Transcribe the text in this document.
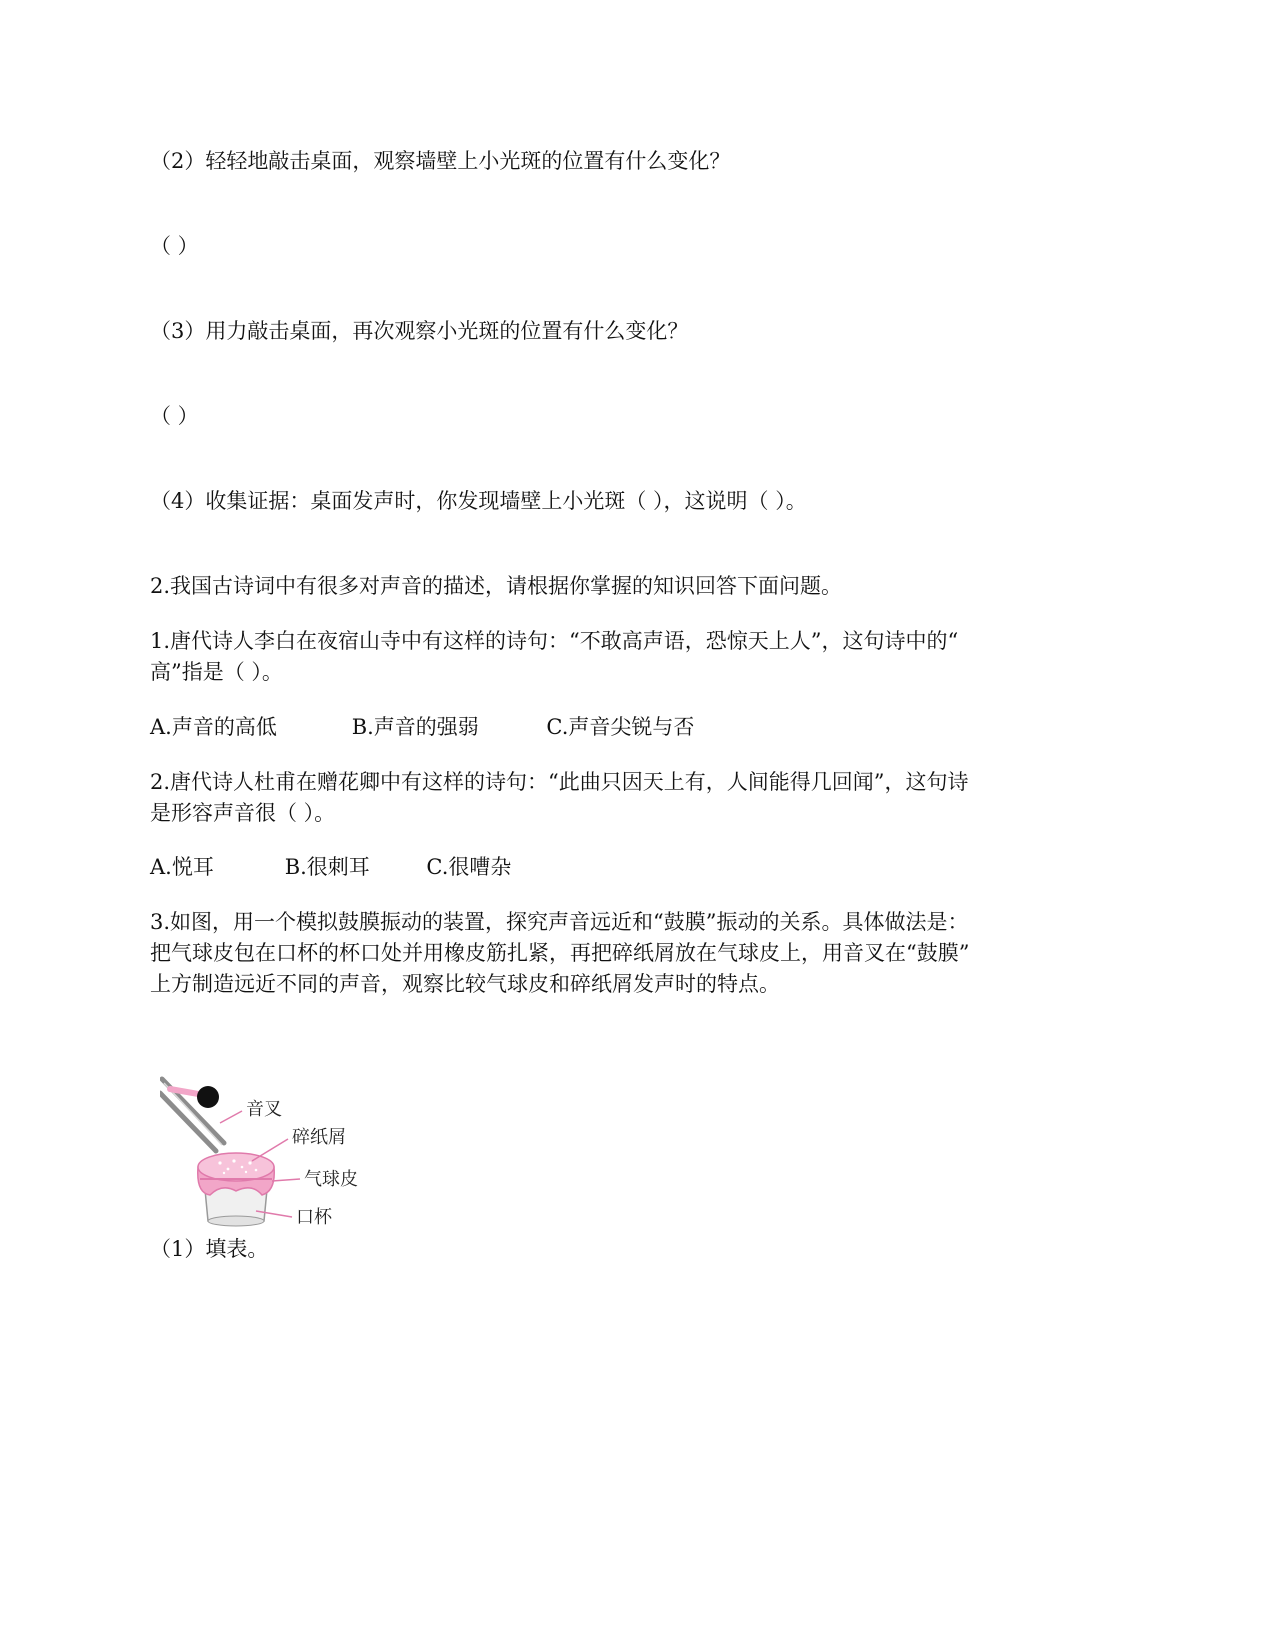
（2）轻轻地敲击桌面，观察墙壁上小光斑的位置有什么变化？
（ ）
（3）用力敲击桌面，再次观察小光斑的位置有什么变化？
（ ）
（4）收集证据：桌面发声时，你发现墙壁上小光斑（ ），这说明（ ）。
2.我国古诗词中有很多对声音的描述，请根据你掌握的知识回答下面问题。
1.唐代诗人李白在夜宿山寺中有这样的诗句：“不敢高声语，恐惊天上人”，这句诗中的“
高”指是（ ）。
A.声音的高低	B.声音的强弱	C.声音尖锐与否
2.唐代诗人杜甫在赠花卿中有这样的诗句：“此曲只因天上有，人间能得几回闻”，这句诗
是形容声音很（ ）。
A.悦耳	B.很刺耳	C.很嘈杂
3.如图，用一个模拟鼓膜振动的装置，探究声音远近和“鼓膜”振动的关系。具体做法是：
把气球皮包在口杯的杯口处并用橡皮筋扎紧，再把碎纸屑放在气球皮上，用音叉在“鼓膜”
上方制造远近不同的声音，观察比较气球皮和碎纸屑发声时的特点。
音叉
碎纸屑
气球皮
口杯
（1）填表。
